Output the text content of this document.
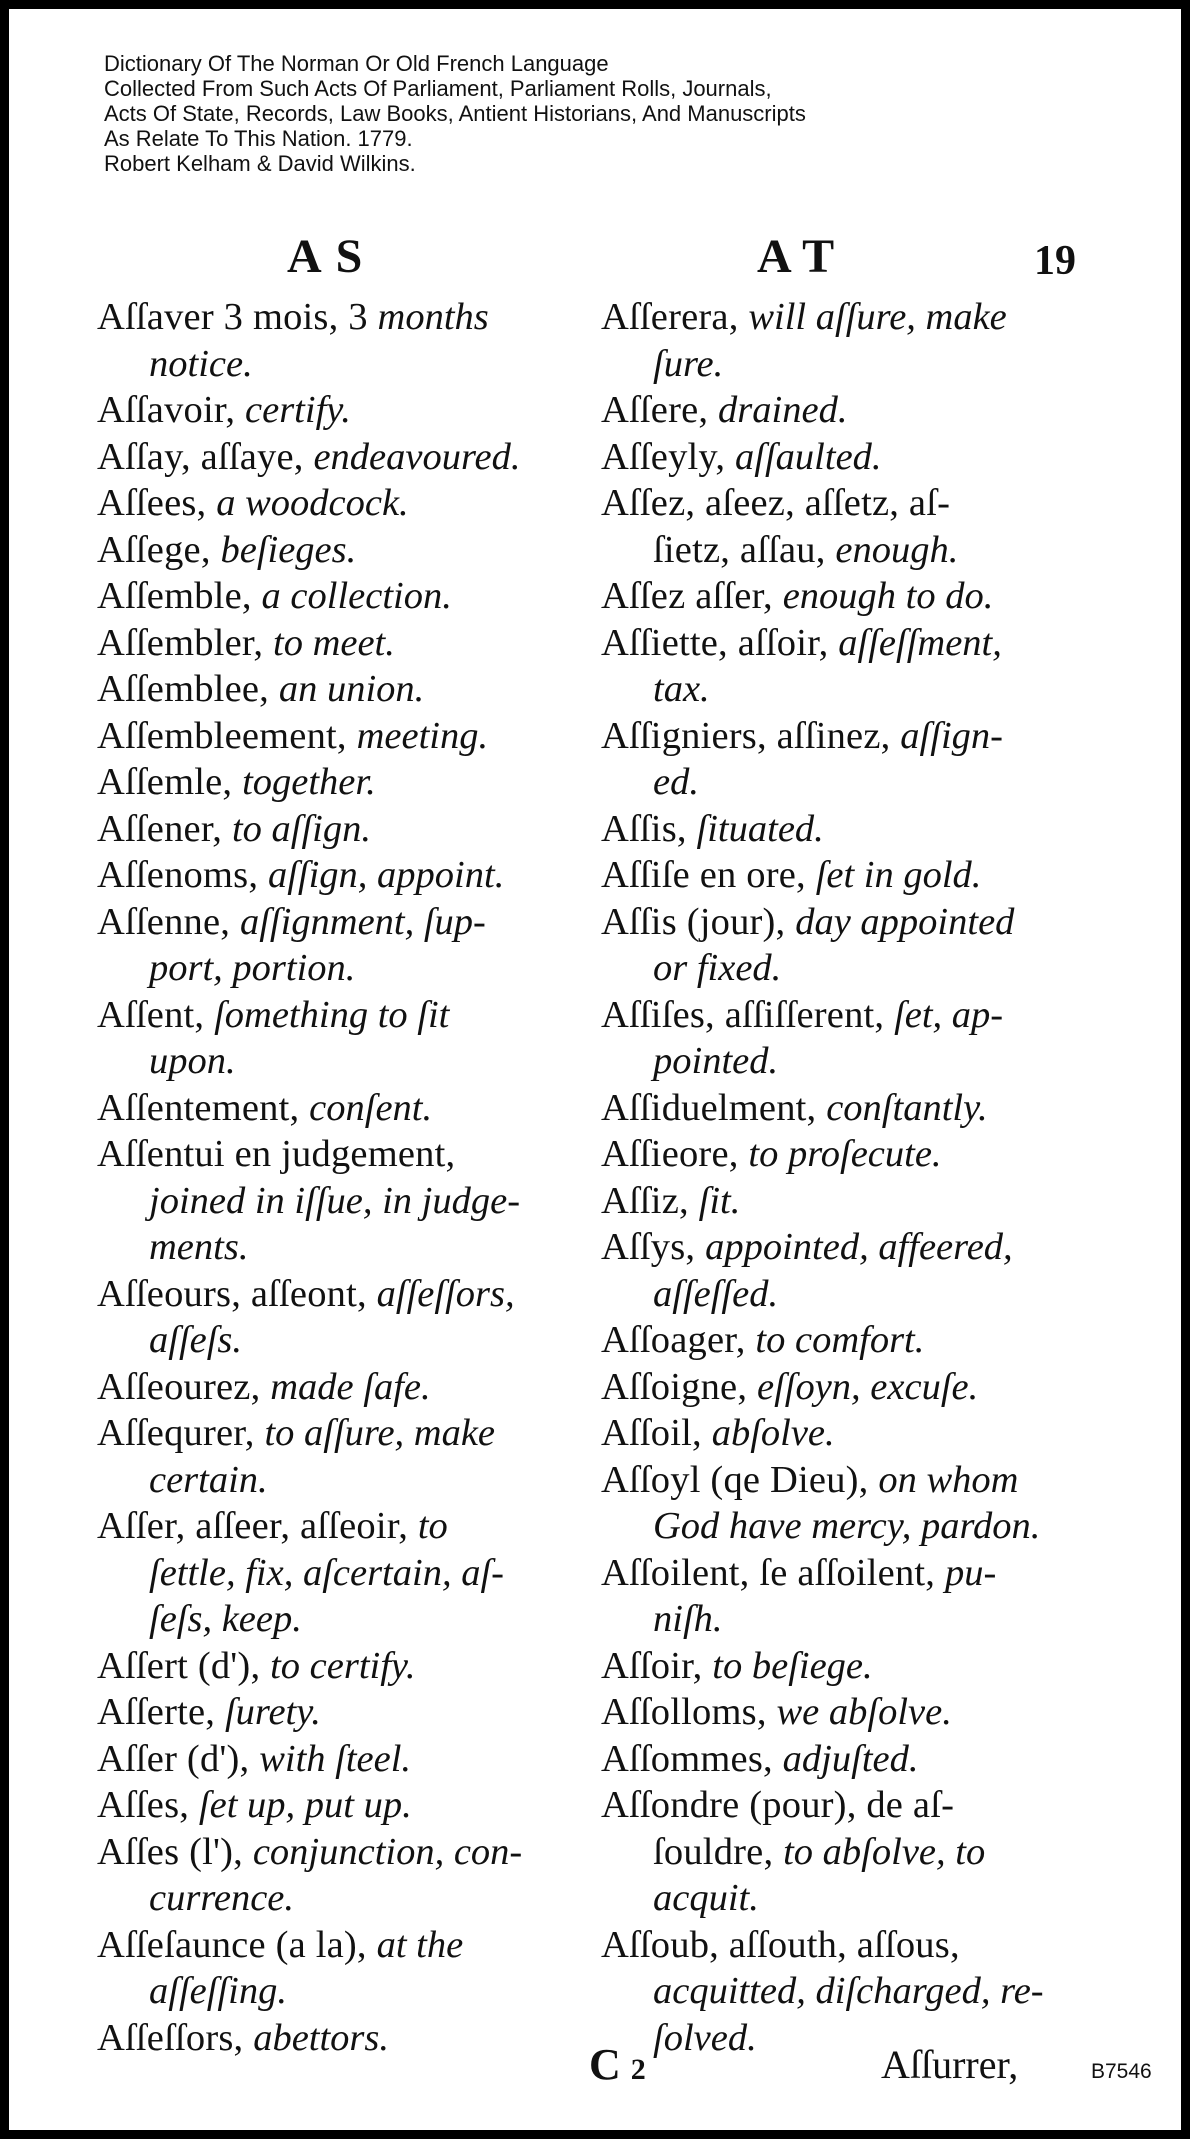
Dictionary Of The Norman Or Old French Language
Collected From Such Acts Of Parliament, Parliament Rolls, Journals,
Acts Of State, Records, Law Books, Antient Historians, And Manuscripts
As Relate To This Nation. 1779.
Robert Kelham & David Wilkins.
AS	AT	19
Aſſaver 3 mois, 3 months
notice.
Aſſavoir, certify.
Aſſay, aſſaye, endeavoured.
Aſſees, a woodcock.
Aſſege, beſieges.
Aſſemble, a collection.
Aſſembler, to meet.
Aſſemblee, an union.
Aſſembleement, meeting.
Aſſemle, together.
Aſſener, to aſſign.
Aſſenoms, aſſign, appoint.
Aſſenne, aſſignment, ſup-
port, portion.
Aſſent, ſomething to ſit
upon.
Aſſentement, conſent.
Aſſentui en judgement,
joined in iſſue, in judge-
ments.
Aſſeours, aſſeont, aſſeſſors,
aſſeſs.
Aſſeourez, made ſafe.
Aſſequrer, to aſſure, make
certain.
Aſſer, aſſeer, aſſeoir, to
ſettle, fix, aſcertain, aſ-
ſeſs, keep.
Aſſert (d'), to certify.
Aſſerte, ſurety.
Aſſer (d'), with ſteel.
Aſſes, ſet up, put up.
Aſſes (l'), conjunction, con-
currence.
Aſſeſaunce (a la), at the
aſſeſſing.
Aſſeſſors, abettors.
Aſſerera, will aſſure, make
ſure.
Aſſere, drained.
Aſſeyly, aſſaulted.
Aſſez, aſeez, aſſetz, aſ-
ſietz, aſſau, enough.
Aſſez aſſer, enough to do.
Aſſiette, aſſoir, aſſeſſment,
tax.
Aſſigniers, aſſinez, aſſign-
ed.
Aſſis, ſituated.
Aſſiſe en ore, ſet in gold.
Aſſis (jour), day appointed
or fixed.
Aſſiſes, aſſiſſerent, ſet, ap-
pointed.
Aſſiduelment, conſtantly.
Aſſieore, to proſecute.
Aſſiz, ſit.
Aſſys, appointed, affeered,
aſſeſſed.
Aſſoager, to comfort.
Aſſoigne, eſſoyn, excuſe.
Aſſoil, abſolve.
Aſſoyl (qe Dieu), on whom
God have mercy, pardon.
Aſſoilent, ſe aſſoilent, pu-
niſh.
Aſſoir, to beſiege.
Aſſolloms, we abſolve.
Aſſommes, adjuſted.
Aſſondre (pour), de aſ-
ſouldre, to abſolve, to
acquit.
Aſſoub, aſſouth, aſſous,
acquitted, diſcharged, re-
ſolved.
C 2	Aſſurrer,	B7546
